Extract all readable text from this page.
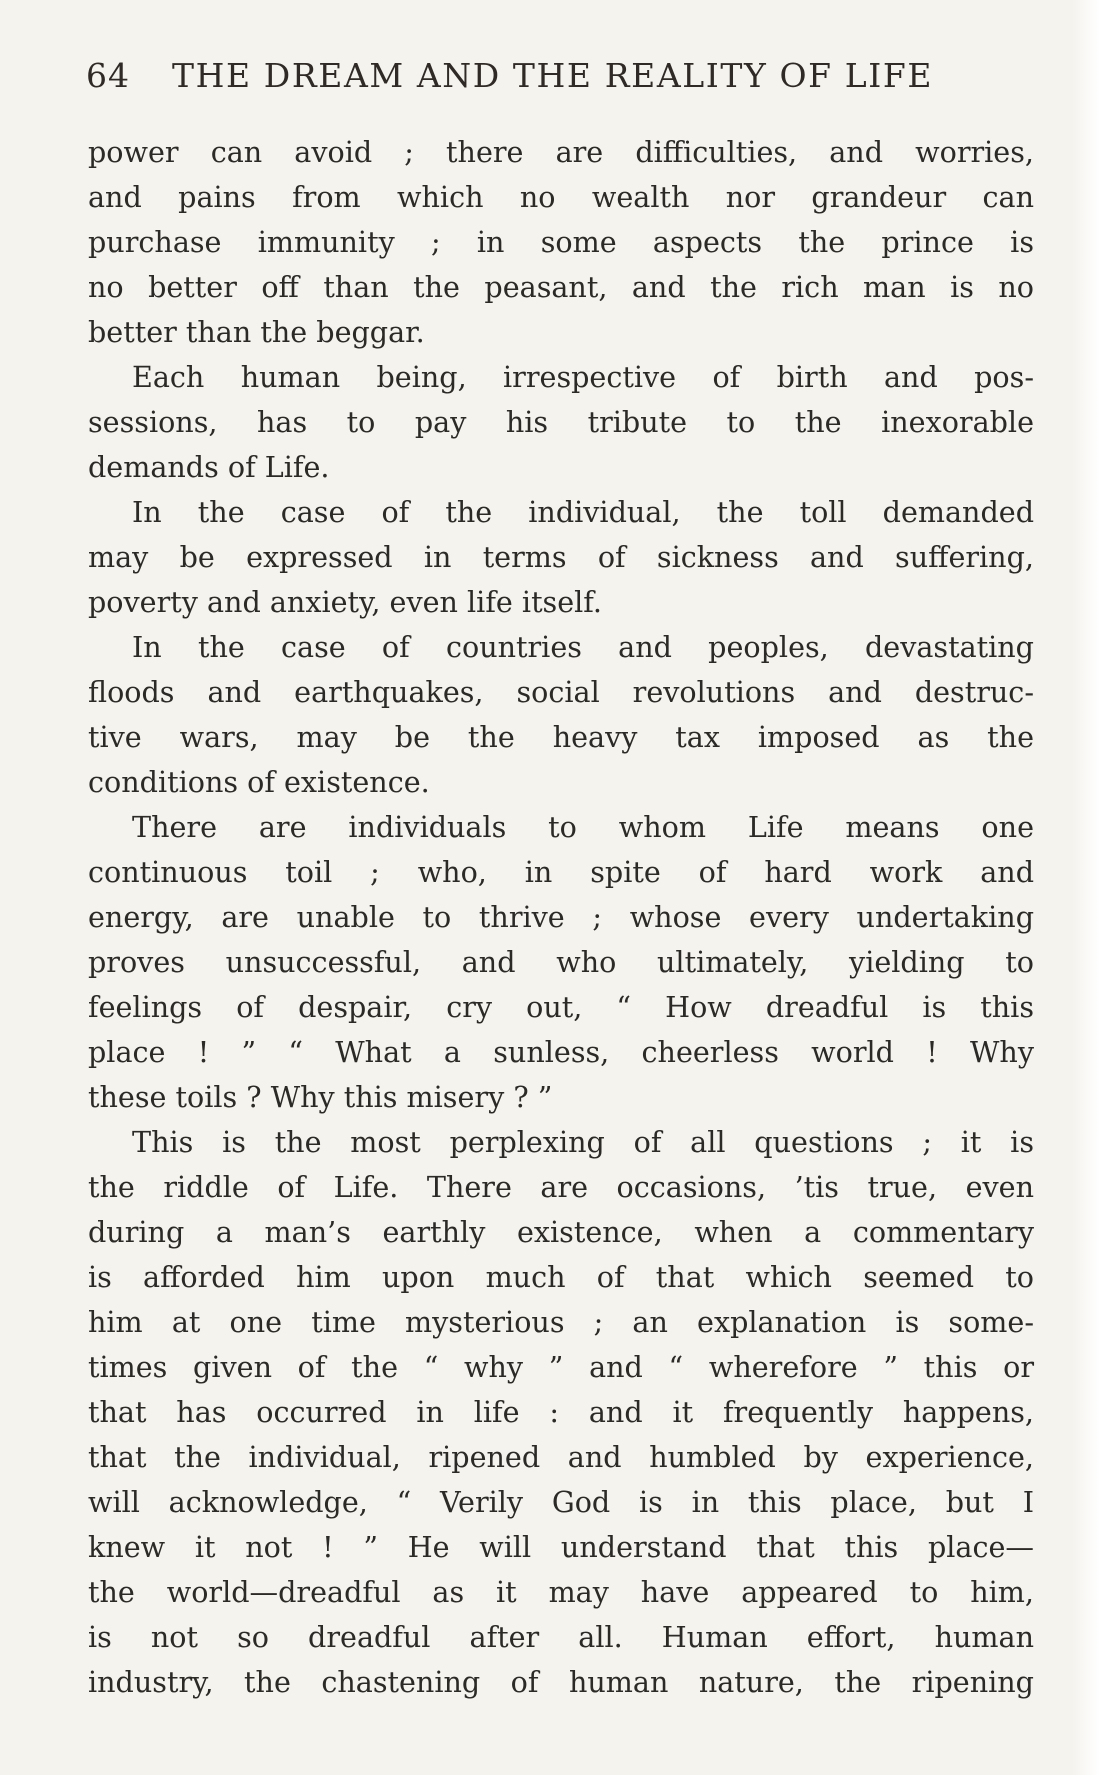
64 THE DREAM AND THE REALITY OF LIFE
power can avoid ; there are difficulties, and worries,
and pains from which no wealth nor grandeur can
purchase immunity ; in some aspects the prince is
no better off than the peasant, and the rich man is no
better than the beggar.
Each human being, irrespective of birth and pos-
sessions, has to pay his tribute to the inexorable
demands of Life.
In the case of the individual, the toll demanded
may be expressed in terms of sickness and suffering,
poverty and anxiety, even life itself.
In the case of countries and peoples, devastating
floods and earthquakes, social revolutions and destruc-
tive wars, may be the heavy tax imposed as the
conditions of existence.
There are individuals to whom Life means one
continuous toil ; who, in spite of hard work and
energy, are unable to thrive ; whose every undertaking
proves unsuccessful, and who ultimately, yielding to
feelings of despair, cry out, “ How dreadful is this
place ! ” “ What a sunless, cheerless world ! Why
these toils ? Why this misery ? ”
This is the most perplexing of all questions ; it is
the riddle of Life. There are occasions, ’tis true, even
during a man’s earthly existence, when a commentary
is afforded him upon much of that which seemed to
him at one time mysterious ; an explanation is some-
times given of the “ why ” and “ wherefore ” this or
that has occurred in life : and it frequently happens,
that the individual, ripened and humbled by experience,
will acknowledge, “ Verily God is in this place, but I
knew it not ! ” He will understand that this place—
the world—dreadful as it may have appeared to him,
is not so dreadful after all. Human effort, human
industry, the chastening of human nature, the ripening
